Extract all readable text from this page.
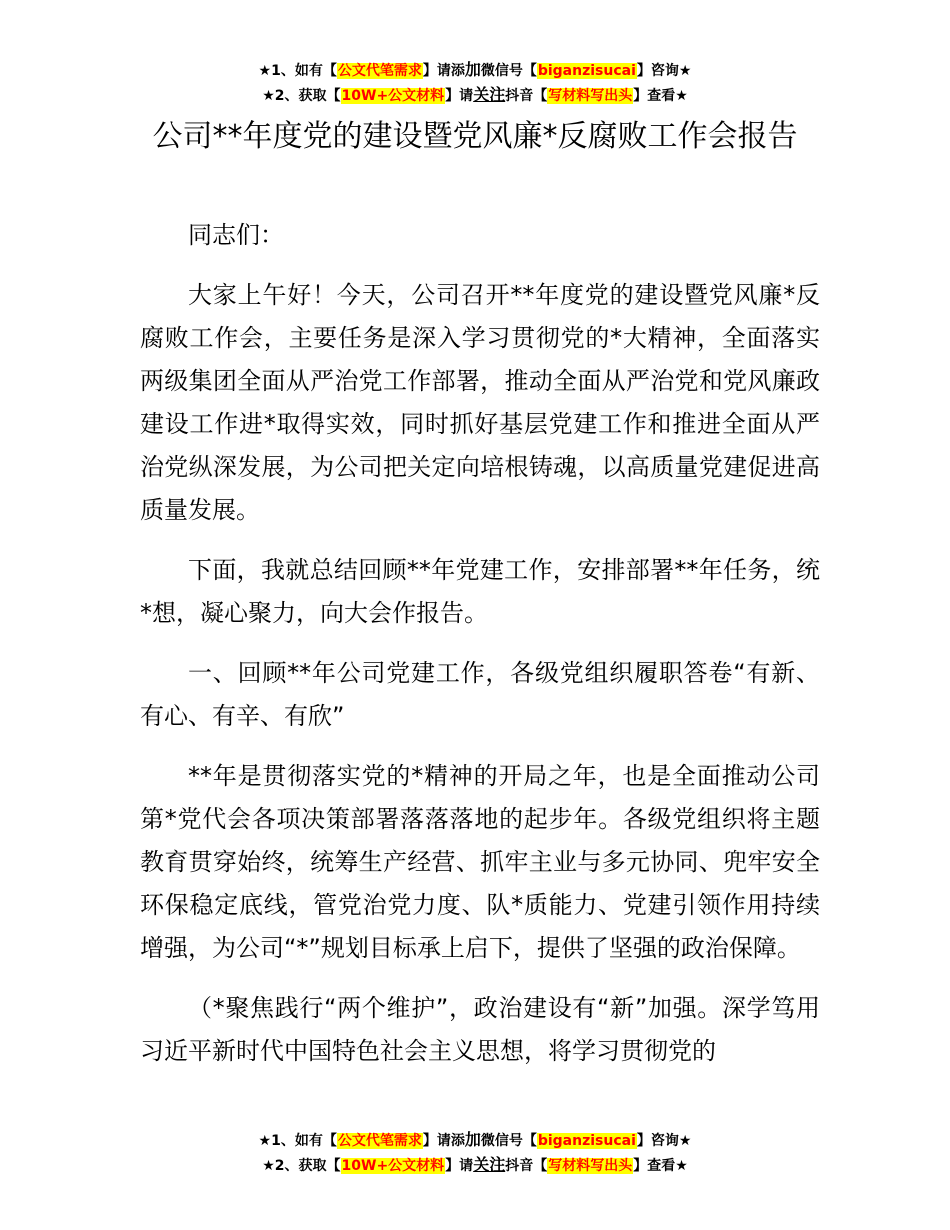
★1、如有【公文代笔需求】请添加微信号【biganzisucai】咨询★
★2、获取【10W+公文材料】请关注抖音【写材料写出头】查看★
公司**年度党的建设暨党风廉*反腐败工作会报告

同志们：

大家上午好！今天，公司召开**年度党的建设暨党风廉*反腐败工作会，主要任务是深入学习贯彻党的*大精神，全面落实两级集团全面从严治党工作部署，推动全面从严治党和党风廉政建设工作进*取得实效，同时抓好基层党建工作和推进全面从严治党纵深发展，为公司把关定向培根铸魂，以高质量党建促进高质量发展。

下面，我就总结回顾**年党建工作，安排部署**年任务，统*想，凝心聚力，向大会作报告。

一、回顾**年公司党建工作，各级党组织履职答卷“有新、有心、有辛、有欣”

**年是贯彻落实党的*精神的开局之年，也是全面推动公司第*党代会各项决策部署落落落地的起步年。各级党组织将主题教育贯穿始终，统筹生产经营、抓牢主业与多元协同、兜牢安全环保稳定底线，管党治党力度、队*质能力、党建引领作用持续增强，为公司“*”规划目标承上启下，提供了坚强的政治保障。

（*聚焦践行“两个维护”，政治建设有“新”加强。深学笃用习近平新时代中国特色社会主义思想，将学习贯彻党的

★1、如有【公文代笔需求】请添加微信号【biganzisucai】咨询★
★2、获取【10W+公文材料】请关注抖音【写材料写出头】查看★
